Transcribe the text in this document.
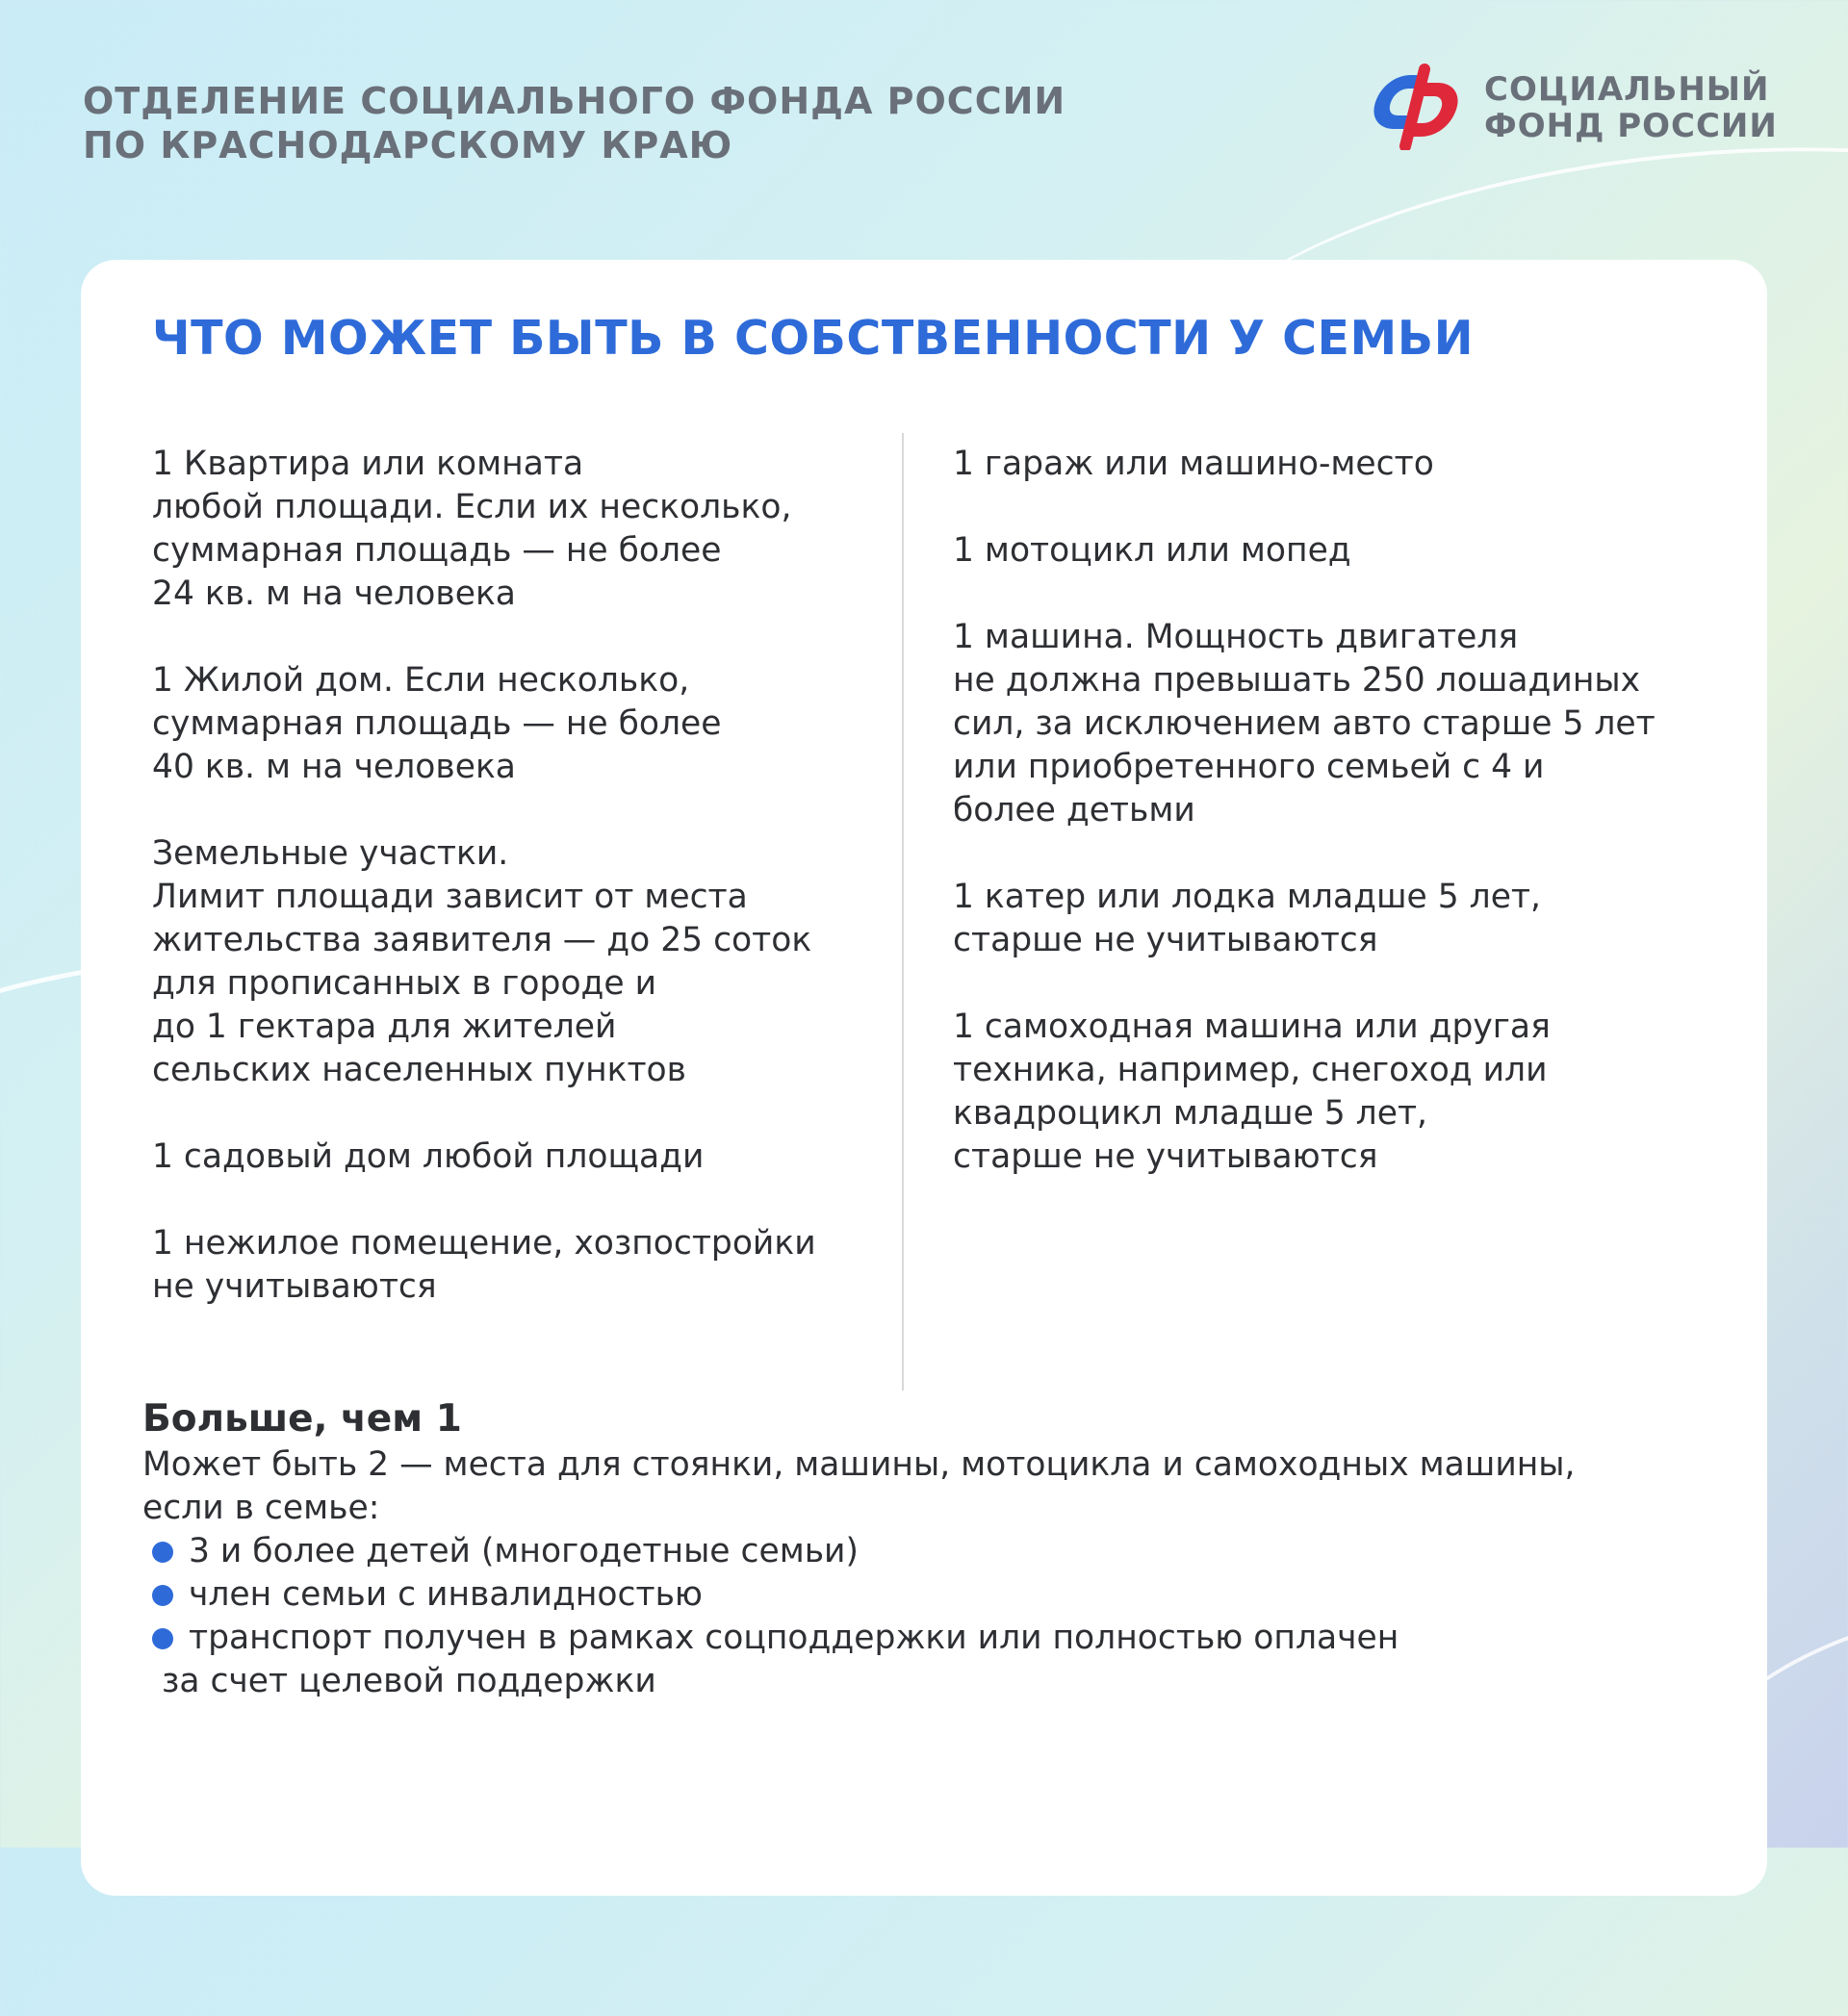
ОТДЕЛЕНИЕ СОЦИАЛЬНОГО ФОНДА РОССИИ
ПО КРАСНОДАРСКОМУ КРАЮ
СОЦИАЛЬНЫЙ
ФОНД РОССИИ
ЧТО МОЖЕТ БЫТЬ В СОБСТВЕННОСТИ У СЕМЬИ
1 Квартира или комната
любой площади. Если их несколько,
суммарная площадь — не более
24 кв. м на человека
1 Жилой дом. Если несколько,
суммарная площадь — не более
40 кв. м на человека
Земельные участки.
Лимит площади зависит от места
жительства заявителя — до 25 соток
для прописанных в городе и
до 1 гектара для жителей
сельских населенных пунктов
1 садовый дом любой площади
1 нежилое помещение, хозпостройки
не учитываются
1 гараж или машино-место
1 мотоцикл или мопед
1 машина. Мощность двигателя
не должна превышать 250 лошадиных
сил, за исключением авто старше 5 лет
или приобретенного семьей с 4 и
более детьми
1 катер или лодка младше 5 лет,
старше не учитываются
1 самоходная машина или другая
техника, например, снегоход или
квадроцикл младше 5 лет,
старше не учитываются
Больше, чем 1
Может быть 2 — места для стоянки, машины, мотоцикла и самоходных машины,
если в семье:
3 и более детей (многодетные семьи)
член семьи с инвалидностью
транспорт получен в рамках соцподдержки или полностью оплачен
за счет целевой поддержки
